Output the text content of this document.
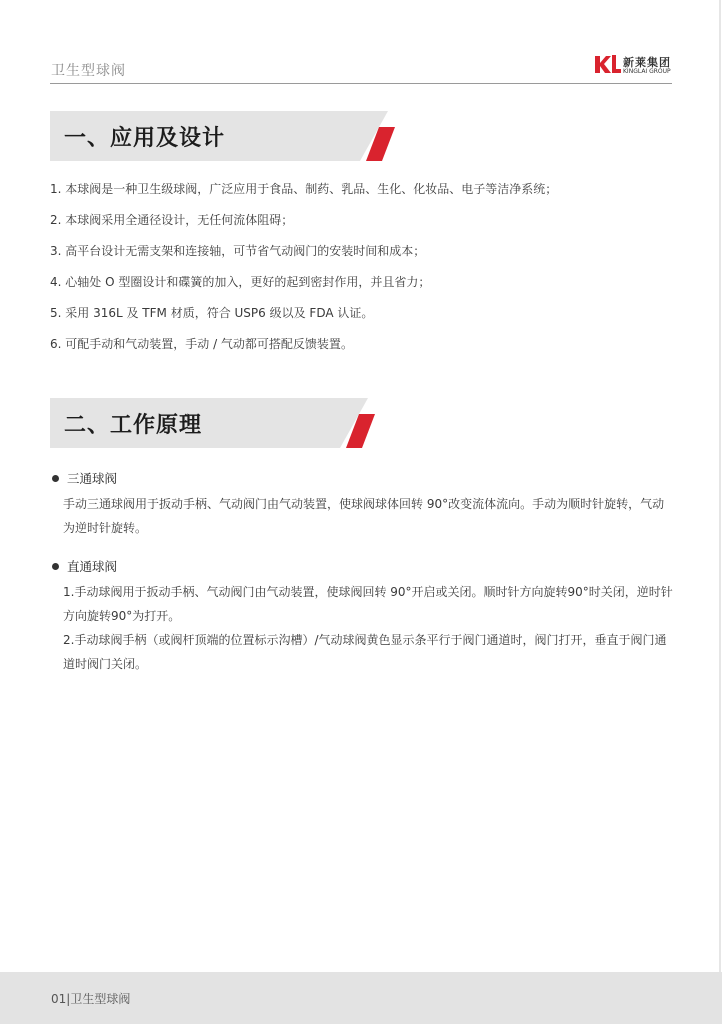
卫生型球阀
新莱集团
KINGLAI GROUP
一、应用及设计
1. 本球阀是一种卫生级球阀，广泛应用于食品、制药、乳品、生化、化妆品、电子等洁净系统；
2. 本球阀采用全通径设计，无任何流体阻碍；
3. 高平台设计无需支架和连接轴，可节省气动阀门的安装时间和成本；
4. 心轴处 O 型圈设计和碟簧的加入，更好的起到密封作用，并且省力；
5. 采用 316L 及 TFM 材质，符合 USP6 级以及 FDA 认证。
6. 可配手动和气动装置，手动 / 气动都可搭配反馈装置。
二、工作原理
三通球阀
手动三通球阀用于扳动手柄、气动阀门由气动装置，使球阀球体回转 90°改变流体流向。手动为顺时针旋转，气动为逆时针旋转。
直通球阀
1.手动球阀用于扳动手柄、气动阀门由气动装置，使球阀回转 90°开启或关闭。顺时针方向旋转90°时关闭，逆时针方向旋转90°为打开。
2.手动球阀手柄（或阀杆顶端的位置标示沟槽）/气动球阀黄色显示条平行于阀门通道时，阀门打开，垂直于阀门通道时阀门关闭。
01|卫生型球阀
